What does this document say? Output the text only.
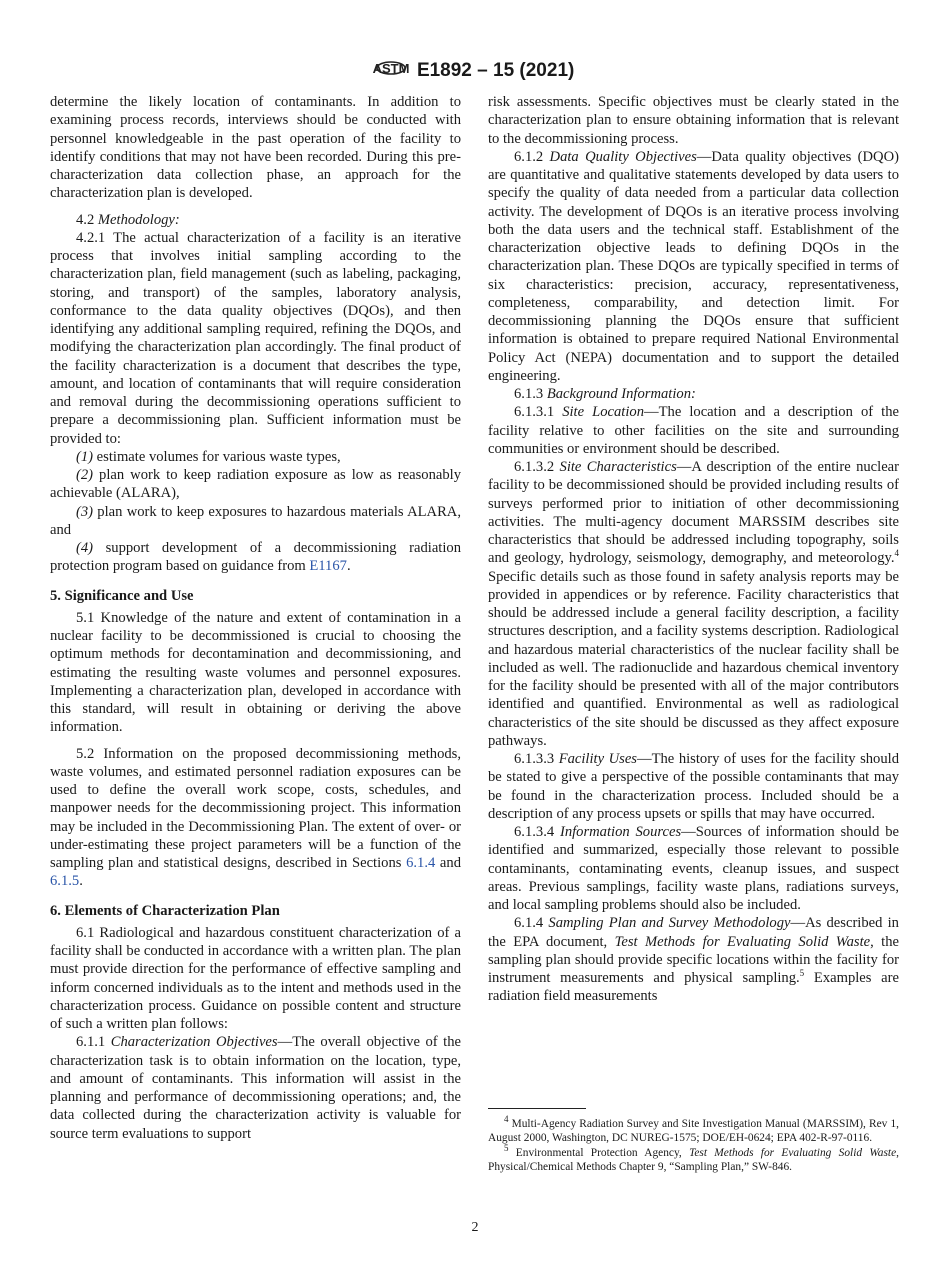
ASTM E1892 – 15 (2021)

determine the likely location of contaminants. In addition to examining process records, interviews should be conducted with personnel knowledgeable in the past operation of the facility to identify conditions that may not have been recorded. During this pre-characterization data collection phase, an approach for the characterization plan is developed.

4.2 Methodology:

4.2.1 The actual characterization of a facility is an iterative process that involves initial sampling according to the characterization plan, field management (such as labeling, packaging, storing, and transport) of the samples, laboratory analysis, conformance to the data quality objectives (DQOs), and then identifying any additional sampling required, refining the DQOs, and modifying the characterization plan accordingly. The final product of the facility characterization is a document that describes the type, amount, and location of contaminants that will require consideration and removal during the decommissioning operations sufficient to prepare a decommissioning plan. Sufficient information must be provided to:

(1) estimate volumes for various waste types,

(2) plan work to keep radiation exposure as low as reasonably achievable (ALARA),

(3) plan work to keep exposures to hazardous materials ALARA, and

(4) support development of a decommissioning radiation protection program based on guidance from E1167.

5. Significance and Use

5.1 Knowledge of the nature and extent of contamination in a nuclear facility to be decommissioned is crucial to choosing the optimum methods for decontamination and decommissioning, and estimating the resulting waste volumes and personnel exposures. Implementing a characterization plan, developed in accordance with this standard, will result in obtaining or deriving the above information.

5.2 Information on the proposed decommissioning methods, waste volumes, and estimated personnel radiation exposures can be used to define the overall work scope, costs, schedules, and manpower needs for the decommissioning project. This information may be included in the Decommissioning Plan. The extent of over- or under-estimating these project parameters will be a function of the sampling plan and statistical designs, described in Sections 6.1.4 and 6.1.5.

6. Elements of Characterization Plan

6.1 Radiological and hazardous constituent characterization of a facility shall be conducted in accordance with a written plan. The plan must provide direction for the performance of effective sampling and inform concerned individuals as to the intent and methods used in the characterization process. Guidance on possible content and structure of such a written plan follows:

6.1.1 Characterization Objectives—The overall objective of the characterization task is to obtain information on the location, type, and amount of contaminants. This information will assist in the planning and performance of decommissioning operations; and, the data collected during the characterization activity is valuable for source term evaluations to support

risk assessments. Specific objectives must be clearly stated in the characterization plan to ensure obtaining information that is relevant to the decommissioning process.

6.1.2 Data Quality Objectives—Data quality objectives (DQO) are quantitative and qualitative statements developed by data users to specify the quality of data needed from a particular data collection activity. The development of DQOs is an iterative process involving both the data users and the technical staff. Establishment of the characterization objective leads to defining DQOs in the characterization plan. These DQOs are typically specified in terms of six characteristics: precision, accuracy, representativeness, completeness, comparability, and detection limit. For decommissioning planning the DQOs ensure that sufficient information is obtained to prepare required National Environmental Policy Act (NEPA) documentation and to support the detailed engineering.

6.1.3 Background Information:

6.1.3.1 Site Location—The location and a description of the facility relative to other facilities on the site and surrounding communities or environment should be described.

6.1.3.2 Site Characteristics—A description of the entire nuclear facility to be decommissioned should be provided including results of surveys performed prior to initiation of other decommissioning activities. The multi-agency document MARSSIM describes site characteristics that should be addressed including topography, soils and geology, hydrology, seismology, demography, and meteorology.$^4$ Specific details such as those found in safety analysis reports may be provided in appendices or by reference. Facility characteristics that should be addressed include a general facility description, a facility structures description, and a facility systems description. Radiological and hazardous material characteristics of the nuclear facility shall be included as well. The radionuclide and hazardous chemical inventory for the facility should be presented with all of the major contributors identified and quantified. Environmental as well as radiological characteristics of the site should be discussed as they affect exposure pathways.

6.1.3.3 Facility Uses—The history of uses for the facility should be stated to give a perspective of the possible contaminants that may be found in the characterization process. Included should be a description of any process upsets or spills that may have occurred.

6.1.3.4 Information Sources—Sources of information should be identified and summarized, especially those relevant to possible contaminants, contaminating events, cleanup issues, and suspect areas. Previous samplings, facility waste plans, radiations surveys, and local sampling problems should also be included.

6.1.4 Sampling Plan and Survey Methodology—As described in the EPA document, Test Methods for Evaluating Solid Waste, the sampling plan should provide specific locations within the facility for instrument measurements and physical sampling.$^5$ Examples are radiation field measurements

$^4$ Multi-Agency Radiation Survey and Site Investigation Manual (MARSSIM), Rev 1, August 2000, Washington, DC NUREG-1575; DOE/EH-0624; EPA 402-R-97-0116.

$^5$ Environmental Protection Agency, Test Methods for Evaluating Solid Waste, Physical/Chemical Methods Chapter 9, “Sampling Plan,” SW-846.

2
